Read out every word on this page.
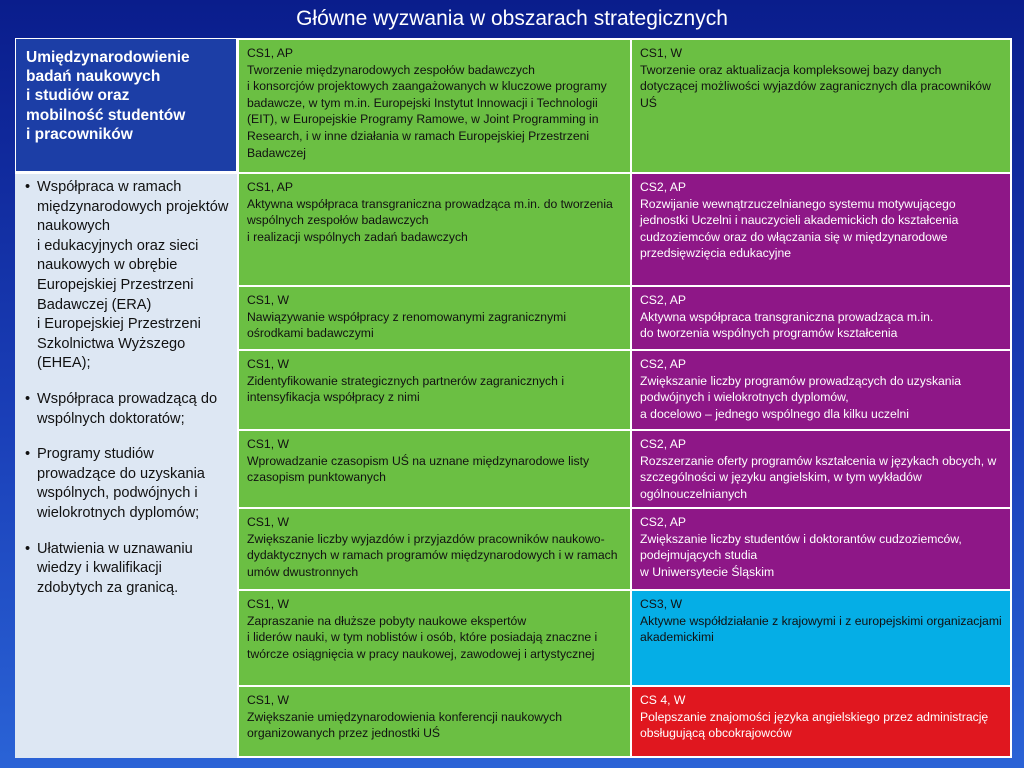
Główne wyzwania w obszarach strategicznych
Umiędzynarodowienie
badań naukowych
i studiów oraz
mobilność studentów
i pracowników
• Współpraca w ramach międzynarodowych projektów naukowych
i edukacyjnych oraz sieci naukowych w obrębie Europejskiej Przestrzeni Badawczej (ERA)
i Europejskiej Przestrzeni Szkolnictwa Wyższego (EHEA);
• Współpraca prowadzącą do wspólnych doktoratów;
• Programy studiów prowadzące do uzyskania wspólnych, podwójnych i wielokrotnych dyplomów;
• Ułatwienia w uznawaniu wiedzy i kwalifikacji zdobytych za granicą.
CS1, AP
Tworzenie międzynarodowych zespołów badawczych
i konsorcjów projektowych zaangażowanych w kluczowe programy badawcze, w tym m.in. Europejski Instytut Innowacji i Technologii (EIT), w Europejskie Programy Ramowe, w Joint Programming in Research, i w inne działania w ramach Europejskiej Przestrzeni Badawczej
CS1, W
Tworzenie oraz aktualizacja kompleksowej bazy danych dotyczącej możliwości wyjazdów zagranicznych dla pracowników UŚ
CS1, AP
Aktywna współpraca transgraniczna prowadząca m.in. do tworzenia wspólnych zespołów badawczych
i realizacji wspólnych zadań badawczych
CS2, AP
Rozwijanie wewnątrzuczelnianego systemu motywującego jednostki Uczelni i nauczycieli akademickich do kształcenia cudzoziemców oraz do włączania się w międzynarodowe przedsięwzięcia edukacyjne
CS1, W
Nawiązywanie współpracy z renomowanymi zagranicznymi ośrodkami badawczymi
CS2, AP
Aktywna współpraca transgraniczna prowadząca m.in.
do tworzenia wspólnych programów kształcenia
CS1, W
Zidentyfikowanie strategicznych partnerów zagranicznych i intensyfikacja współpracy z nimi
CS2, AP
Zwiększanie liczby programów prowadzących do uzyskania podwójnych i wielokrotnych dyplomów,
a docelowo – jednego wspólnego dla kilku uczelni
CS1, W
Wprowadzanie czasopism UŚ na uznane międzynarodowe listy czasopism punktowanych
CS2, AP
Rozszerzanie oferty programów kształcenia w językach obcych, w szczególności w języku angielskim, w tym wykładów ogólnouczelnianych
CS1, W
Zwiększanie liczby wyjazdów i przyjazdów pracowników naukowo-dydaktycznych w ramach programów międzynarodowych i w ramach umów dwustronnych
CS2, AP
Zwiększanie liczby studentów i doktorantów cudzoziemców, podejmujących studia
w Uniwersytecie Śląskim
CS1, W
Zapraszanie na dłuższe pobyty naukowe ekspertów
i liderów nauki, w tym noblistów i osób, które posiadają znaczne i twórcze osiągnięcia w pracy naukowej, zawodowej i artystycznej
CS3, W
Aktywne współdziałanie z krajowymi i z europejskimi organizacjami akademickimi
CS1, W
Zwiększanie umiędzynarodowienia konferencji naukowych organizowanych przez jednostki UŚ
CS 4, W
Polepszanie znajomości języka angielskiego przez administrację obsługującą obcokrajowców
